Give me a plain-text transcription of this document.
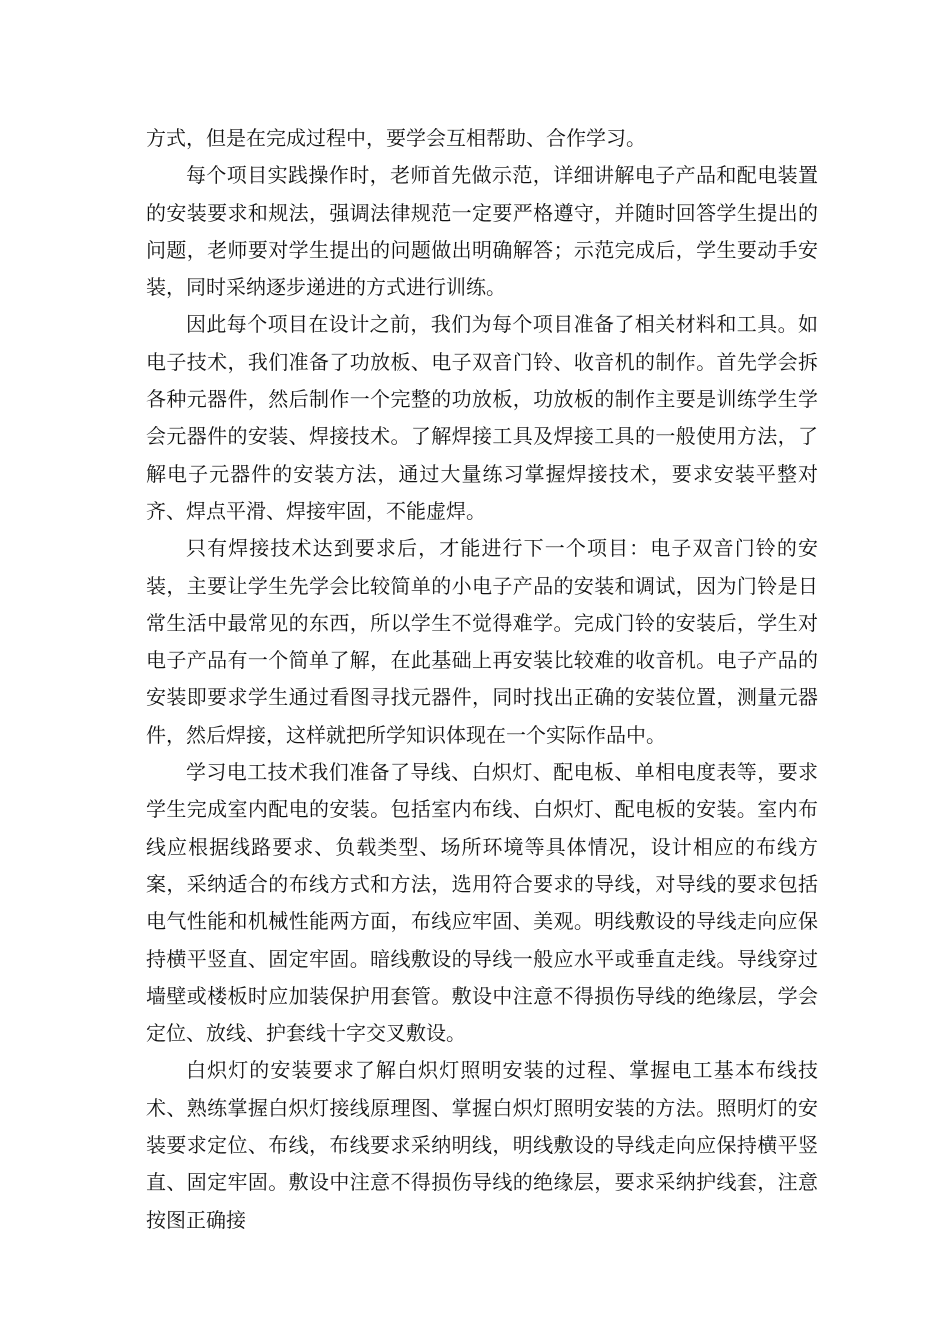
方式，但是在完成过程中，要学会互相帮助、合作学习。

每个项目实践操作时，老师首先做示范，详细讲解电子产品和配电装置的安装要求和规法，强调法律规范一定要严格遵守，并随时回答学生提出的问题，老师要对学生提出的问题做出明确解答；示范完成后，学生要动手安装，同时采纳逐步递进的方式进行训练。

因此每个项目在设计之前，我们为每个项目准备了相关材料和工具。如电子技术，我们准备了功放板、电子双音门铃、收音机的制作。首先学会拆各种元器件，然后制作一个完整的功放板，功放板的制作主要是训练学生学会元器件的安装、焊接技术。了解焊接工具及焊接工具的一般使用方法，了解电子元器件的安装方法，通过大量练习掌握焊接技术，要求安装平整对齐、焊点平滑、焊接牢固，不能虚焊。

只有焊接技术达到要求后，才能进行下一个项目：电子双音门铃的安装，主要让学生先学会比较简单的小电子产品的安装和调试，因为门铃是日常生活中最常见的东西，所以学生不觉得难学。完成门铃的安装后，学生对电子产品有一个简单了解，在此基础上再安装比较难的收音机。电子产品的安装即要求学生通过看图寻找元器件，同时找出正确的安装位置，测量元器件，然后焊接，这样就把所学知识体现在一个实际作品中。

学习电工技术我们准备了导线、白炽灯、配电板、单相电度表等，要求学生完成室内配电的安装。包括室内布线、白炽灯、配电板的安装。室内布线应根据线路要求、负载类型、场所环境等具体情况，设计相应的布线方案，采纳适合的布线方式和方法，选用符合要求的导线，对导线的要求包括电气性能和机械性能两方面，布线应牢固、美观。明线敷设的导线走向应保持横平竖直、固定牢固。暗线敷设的导线一般应水平或垂直走线。导线穿过墙壁或楼板时应加装保护用套管。敷设中注意不得损伤导线的绝缘层，学会定位、放线、护套线十字交叉敷设。

白炽灯的安装要求了解白炽灯照明安装的过程、掌握电工基本布线技术、熟练掌握白炽灯接线原理图、掌握白炽灯照明安装的方法。照明灯的安装要求定位、布线，布线要求采纳明线，明线敷设的导线走向应保持横平竖直、固定牢固。敷设中注意不得损伤导线的绝缘层，要求采纳护线套，注意按图正确接
